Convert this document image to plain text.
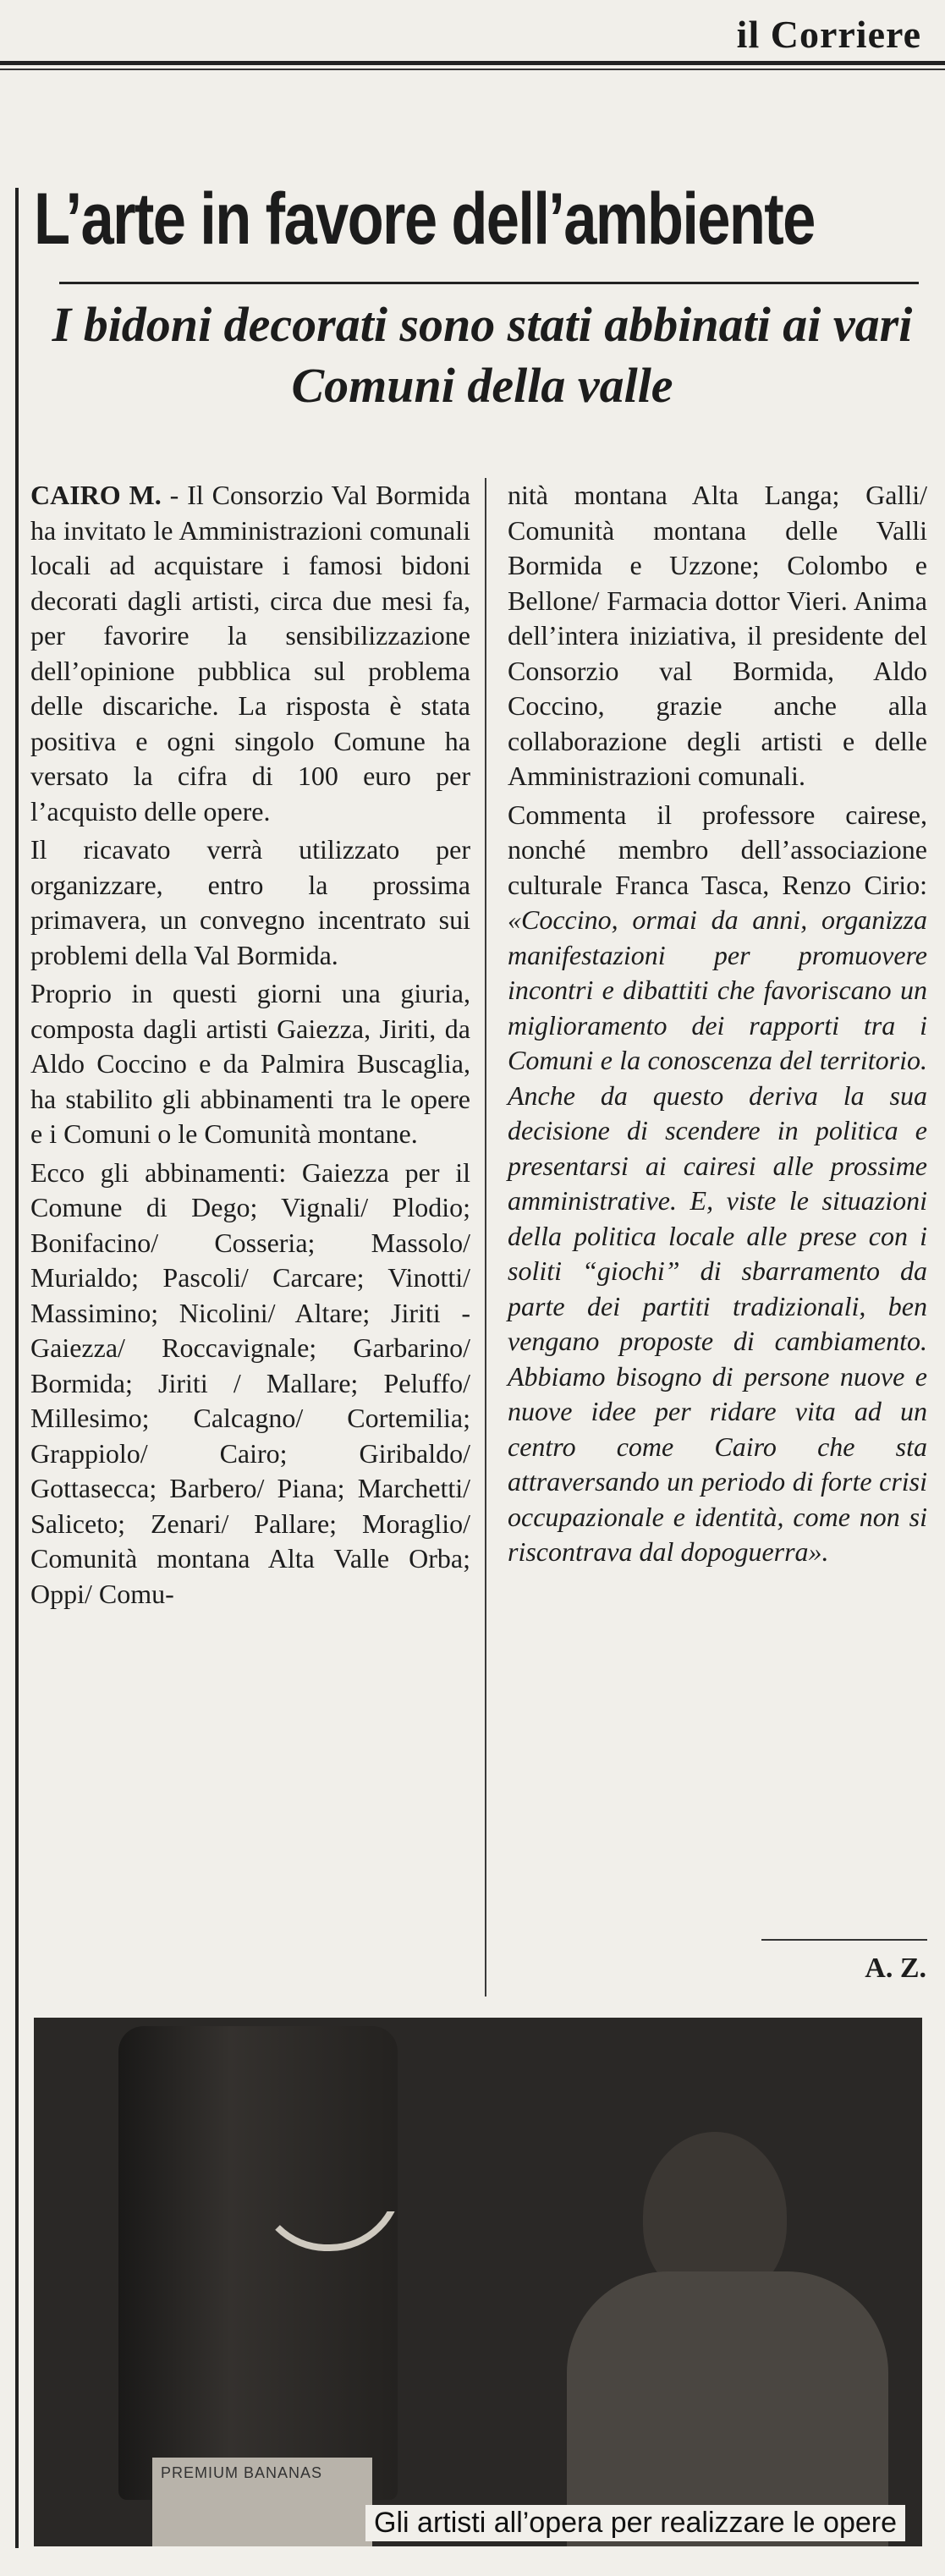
il Corriere
L’arte in favore dell’ambiente
I bidoni decorati sono stati abbinati ai vari Comuni della valle

CAIRO M. - Il Consorzio Val Bormida ha invitato le Amministrazioni comunali locali ad acquistare i famosi bidoni decorati dagli artisti, circa due mesi fa, per favorire la sensibilizzazione dell’opinione pubblica sul problema delle discariche. La risposta è stata positiva e ogni singolo Comune ha versato la cifra di 100 euro per l’acquisto delle opere.

Il ricavato verrà utilizzato per organizzare, entro la prossima primavera, un convegno incentrato sui problemi della Val Bormida.

Proprio in questi giorni una giuria, composta dagli artisti Gaiezza, Jiriti, da Aldo Coccino e da Palmira Buscaglia, ha stabilito gli abbinamenti tra le opere e i Comuni o le Comunità montane.

Ecco gli abbinamenti: Gaiezza per il Comune di Dego; Vignali/ Plodio; Bonifacino/ Cosseria; Massolo/ Murialdo; Pascoli/ Carcare; Vinotti/ Massimino; Nicolini/ Altare; Jiriti - Gaiezza/ Roccavignale; Garbarino/ Bormida; Jiriti / Mallare; Peluffo/ Millesimo; Calcagno/ Cortemilia; Grappiolo/ Cairo; Giribaldo/ Gottasecca; Barbero/ Piana; Marchetti/ Saliceto; Zenari/ Pallare; Moraglio/ Comunità montana Alta Valle Orba; Oppi/ Comu-

nità montana Alta Langa; Galli/ Comunità montana delle Valli Bormida e Uzzone; Colombo e Bellone/ Farmacia dottor Vieri. Anima dell’intera iniziativa, il presidente del Consorzio val Bormida, Aldo Coccino, grazie anche alla collaborazione degli artisti e delle Amministrazioni comunali.

Commenta il professore cairese, nonché membro dell’associazione culturale Franca Tasca, Renzo Cirio: «Coccino, ormai da anni, organizza manifestazioni per promuovere incontri e dibattiti che favoriscano un miglioramento dei rapporti tra i Comuni e la conoscenza del territorio. Anche da questo deriva la sua decisione di scendere in politica e presentarsi ai cairesi alle prossime amministrative. E, viste le situazioni della politica locale alle prese con i soliti “giochi” di sbarramento da parte dei partiti tradizionali, ben vengano proposte di cambiamento. Abbiamo bisogno di persone nuove e nuove idee per ridare vita ad un centro come Cairo che sta attraversando un periodo di forte crisi occupazionale e identità, come non si riscontrava dal dopoguerra».

A. Z.
PREMIUM BANANAS
Gli artisti all’opera per realizzare le opere
